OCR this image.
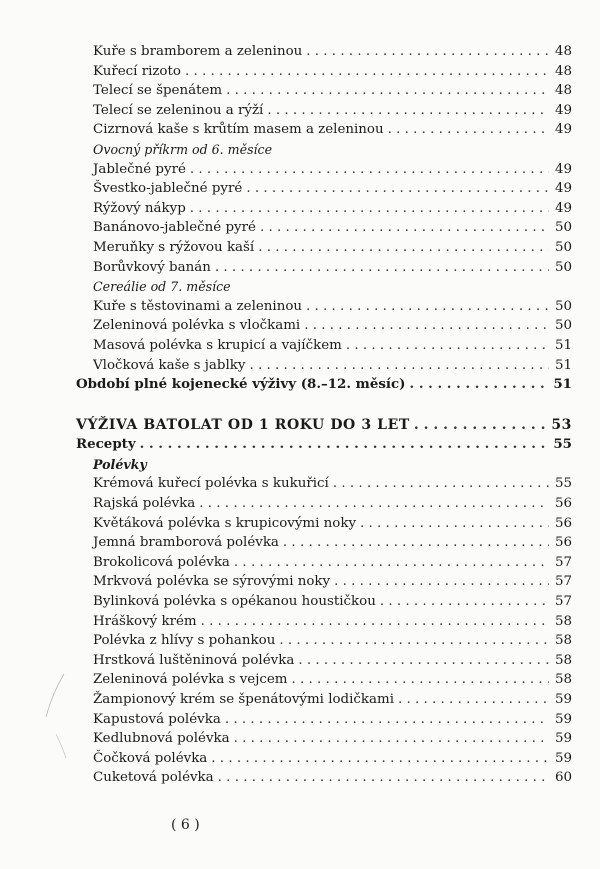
Kuře s bramborem a zeleninou . . .	48
Kuřecí rizoto . . .	48
Telecí se špenátem . . .	48
Telecí se zeleninou a rýží . . .	49
Cizrnová kaše s krůtím masem a zeleninou . . .	49
Ovocný příkrm od 6. měsíce
Jablečné pyré . . .	49
Švestko-jablečné pyré . . .	49
Rýžový nákyp . . .	49
Banánovo-jablečné pyré . . .	50
Meruňky s rýžovou kaší . . .	50
Borůvkový banán . . .	50
Cereálie od 7. měsíce
Kuře s těstovinami a zeleninou . . .	50
Zeleninová polévka s vločkami . . .	50
Masová polévka s krupicí a vajíčkem . . .	51
Vločková kaše s jablky . . .	51
Období plné kojenecké výživy (8.–12. měsíc) . . .	51
VÝŽIVA BATOLAT OD 1 ROKU DO 3 LET . . .	53
Recepty . . .	55
Polévky
Krémová kuřecí polévka s kukuřicí . . .	55
Rajská polévka . . .	56
Květáková polévka s krupicovými noky . . .	56
Jemná bramborová polévka . . .	56
Brokolicová polévka . . .	57
Mrkvová polévka se sýrovými noky . . .	57
Bylinková polévka s opékanou houstičkou . . .	57
Hráškový krém . . .	58
Polévka z hlívy s pohankou . . .	58
Hrstková luštěninová polévka . . .	58
Zeleninová polévka s vejcem . . .	58
Žampionový krém se špenátovými lodičkami . . .	59
Kapustová polévka . . .	59
Kedlubnová polévka . . .	59
Čočková polévka . . .	59
Cuketová polévka . . .	60
( 6 )
